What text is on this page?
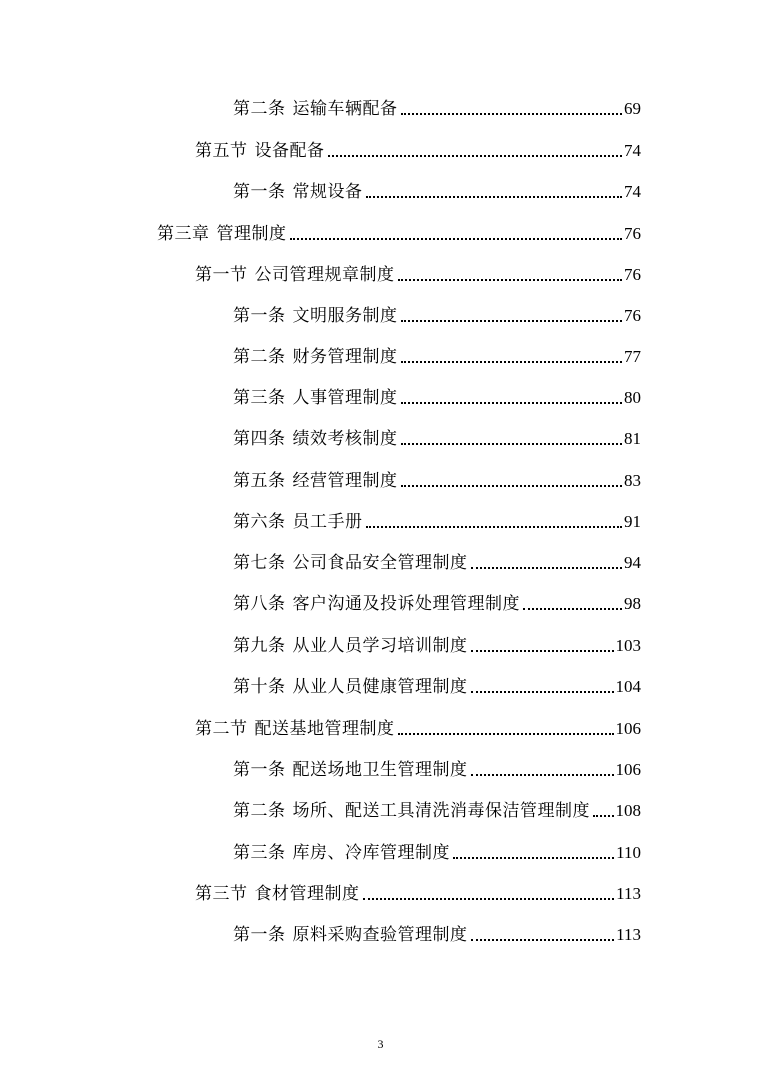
第二条 运输车辆配备	69
第五节 设备配备	74
第一条 常规设备	74
第三章 管理制度	76
第一节 公司管理规章制度	76
第一条 文明服务制度	76
第二条 财务管理制度	77
第三条 人事管理制度	80
第四条 绩效考核制度	81
第五条 经营管理制度	83
第六条 员工手册	91
第七条 公司食品安全管理制度	94
第八条 客户沟通及投诉处理管理制度	98
第九条 从业人员学习培训制度	103
第十条 从业人员健康管理制度	104
第二节 配送基地管理制度	106
第一条 配送场地卫生管理制度	106
第二条 场所、配送工具清洗消毒保洁管理制度 108
第三条 库房、冷库管理制度	110
第三节 食材管理制度	113
第一条 原料采购查验管理制度	113
3
